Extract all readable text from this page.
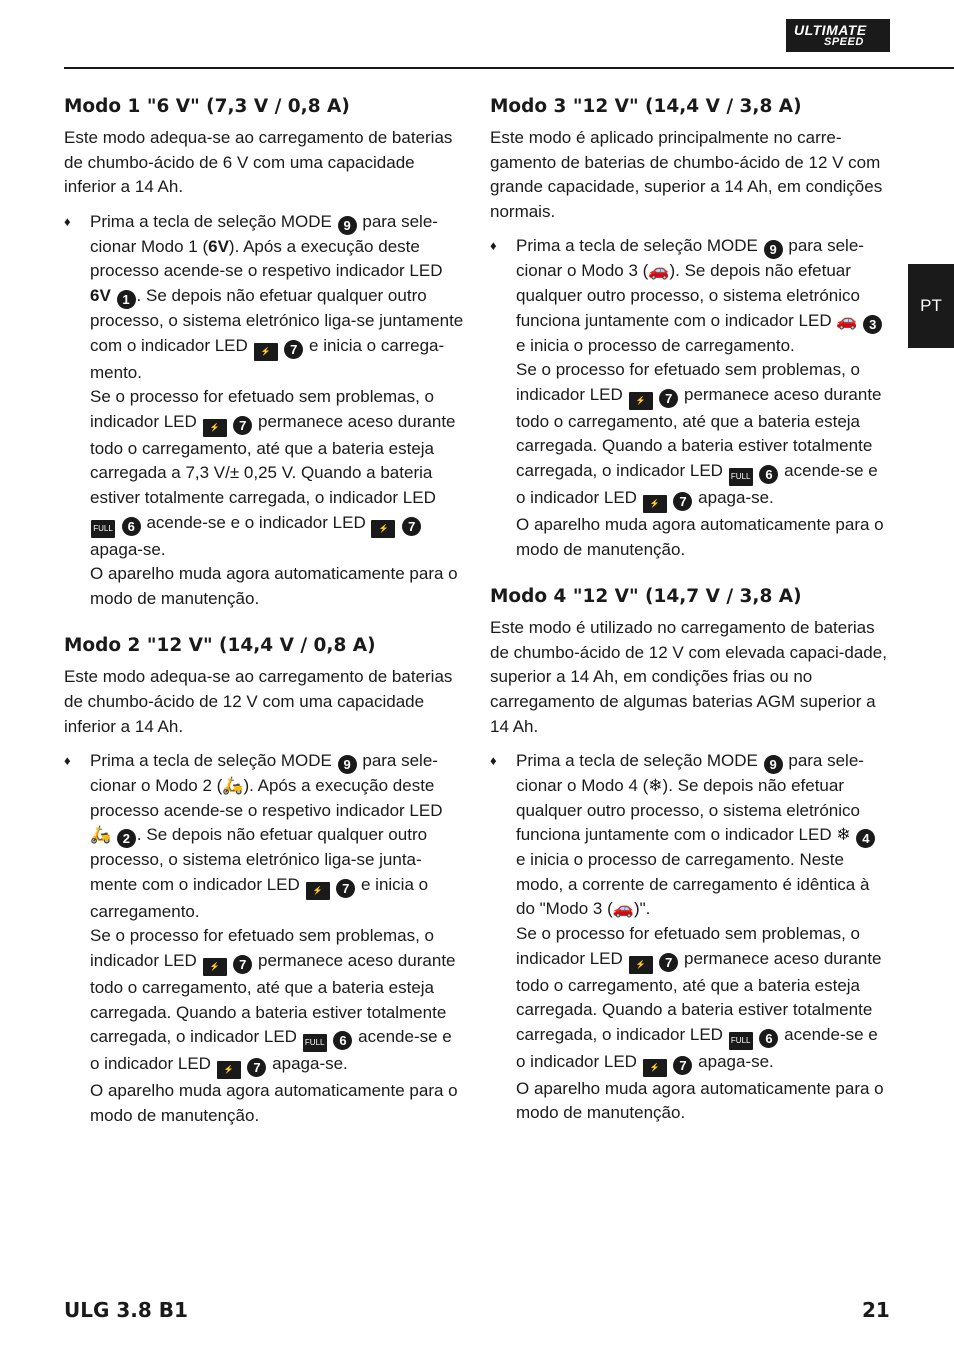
ULTIMATE
SPEED
PT
Modo 1 "6 V" (7,3 V / 0,8 A)

Este modo adequa-se ao carregamento de baterias de chumbo-ácido de 6 V com uma capacidade inferior a 14 Ah.

♦	Prima a tecla de seleção MODE 9 para sele-cionar Modo 1 (6V). Após a execução deste processo acende-se o respetivo indicador LED 6V 1 . Se depois não efetuar qualquer outro processo, o sistema eletrónico liga-se juntamente com o indicador LED ⚡ 7 e inicia o carrega-mento.
Se o processo for efetuado sem problemas, o indicador LED ⚡ 7 permanece aceso durante todo o carregamento, até que a bateria esteja carregada a 7,3 V/± 0,25 V. Quando a bateria estiver totalmente carregada, o indicador LED FULL 6 acende-se e o indicador LED ⚡ 7 apaga-se.
O aparelho muda agora automaticamente para o modo de manutenção.
Modo 2 "12 V" (14,4 V / 0,8 A)

Este modo adequa-se ao carregamento de baterias de chumbo-ácido de 12 V com uma capacidade inferior a 14 Ah.

♦	Prima a tecla de seleção MODE 9 para sele-cionar o Modo 2 (🛵). Após a execução deste processo acende-se o respetivo indicador LED 🛵 2 . Se depois não efetuar qualquer outro processo, o sistema eletrónico liga-se junta-mente com o indicador LED ⚡ 7 e inicia o carregamento.
Se o processo for efetuado sem problemas, o indicador LED ⚡ 7 permanece aceso durante todo o carregamento, até que a bateria esteja carregada. Quando a bateria estiver totalmente carregada, o indicador LED FULL 6 acende-se e o indicador LED ⚡ 7 apaga-se.
O aparelho muda agora automaticamente para o modo de manutenção.
Modo 3 "12 V" (14,4 V / 3,8 A)

Este modo é aplicado principalmente no carre-gamento de baterias de chumbo-ácido de 12 V com grande capacidade, superior a 14 Ah, em condições normais.

♦	Prima a tecla de seleção MODE 9 para sele-cionar o Modo 3 (🚗). Se depois não efetuar qualquer outro processo, o sistema eletrónico funciona juntamente com o indicador LED 🚗 3 e inicia o processo de carregamento.
Se o processo for efetuado sem problemas, o indicador LED ⚡ 7 permanece aceso durante todo o carregamento, até que a bateria esteja carregada. Quando a bateria estiver totalmente carregada, o indicador LED FULL 6 acende-se e o indicador LED ⚡ 7 apaga-se.
O aparelho muda agora automaticamente para o modo de manutenção.
Modo 4 "12 V" (14,7 V / 3,8 A)

Este modo é utilizado no carregamento de baterias de chumbo-ácido de 12 V com elevada capaci-dade, superior a 14 Ah, em condições frias ou no carregamento de algumas baterias AGM superior a 14 Ah.

♦	Prima a tecla de seleção MODE 9 para sele-cionar o Modo 4 (❄). Se depois não efetuar qualquer outro processo, o sistema eletrónico funciona juntamente com o indicador LED ❄ 4 e inicia o processo de carregamento. Neste modo, a corrente de carregamento é idêntica à do "Modo 3 (🚗)".
Se o processo for efetuado sem problemas, o indicador LED ⚡ 7 permanece aceso durante todo o carregamento, até que a bateria esteja carregada. Quando a bateria estiver totalmente carregada, o indicador LED FULL 6 acende-se e o indicador LED ⚡ 7 apaga-se.
O aparelho muda agora automaticamente para o modo de manutenção.
ULG 3.8 B1	21
